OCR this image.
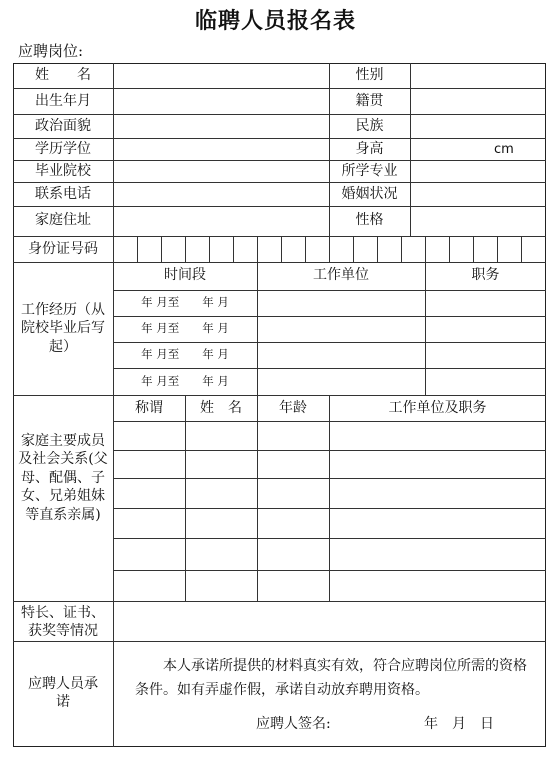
临聘人员报名表
应聘岗位:
姓　　名	性别
出生年月	籍贯
政治面貌	民族
学历学位	身高	cm
毕业院校	所学专业
联系电话	婚姻状况
家庭住址	性格
身份证号码
工作经历（从院校毕业后写起）
时间段	工作单位	职务
年 月至　　年 月
年 月至　　年 月
年 月至　　年 月
年 月至　　年 月
家庭主要成员及社会关系(父母、配偶、子女、兄弟姐妹等直系亲属)
称谓	姓　名	年龄	工作单位及职务
特长、证书、获奖等情况
应聘人员承诺
本人承诺所提供的材料真实有效，符合应聘岗位所需的资格条件。如有弄虚作假，承诺自动放弃聘用资格。
应聘人签名:	年　月　日
